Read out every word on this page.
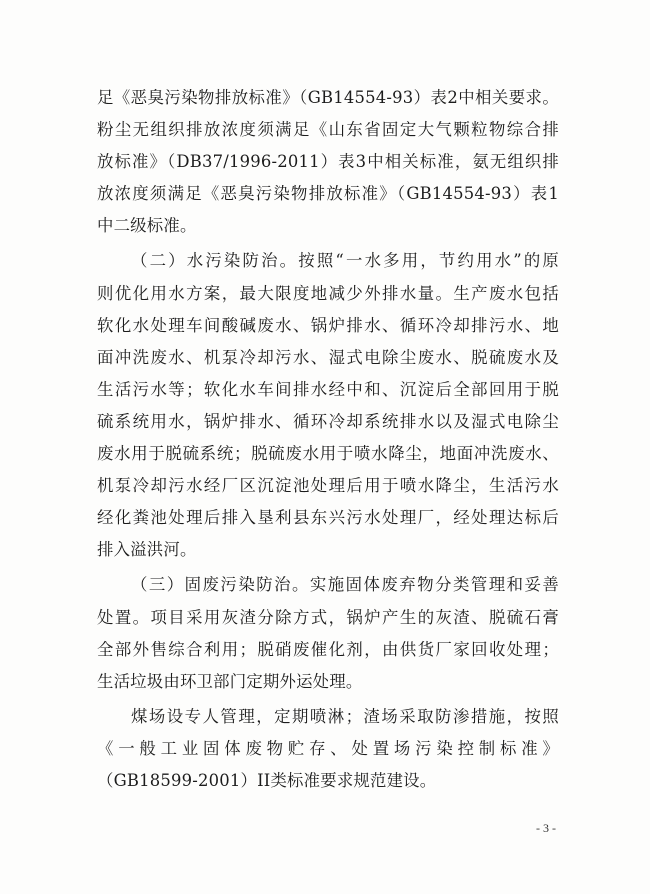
足《恶臭污染物排放标准》（GB14554-93）表2中相关要求。
粉尘无组织排放浓度须满足《山东省固定大气颗粒物综合排
放标准》（DB37/1996-2011）表3中相关标准，氨无组织排
放浓度须满足《恶臭污染物排放标准》（GB14554-93）表1
中二级标准。
（二）水污染防治。按照“一水多用，节约用水”的原
则优化用水方案，最大限度地减少外排水量。生产废水包括
软化水处理车间酸碱废水、锅炉排水、循环冷却排污水、地
面冲洗废水、机泵冷却污水、湿式电除尘废水、脱硫废水及
生活污水等；软化水车间排水经中和、沉淀后全部回用于脱
硫系统用水，锅炉排水、循环冷却系统排水以及湿式电除尘
废水用于脱硫系统；脱硫废水用于喷水降尘，地面冲洗废水、
机泵冷却污水经厂区沉淀池处理后用于喷水降尘，生活污水
经化粪池处理后排入垦利县东兴污水处理厂，经处理达标后
排入溢洪河。
（三）固废污染防治。实施固体废弃物分类管理和妥善
处置。项目采用灰渣分除方式，锅炉产生的灰渣、脱硫石膏
全部外售综合利用；脱硝废催化剂，由供货厂家回收处理；
生活垃圾由环卫部门定期外运处理。
煤场设专人管理，定期喷淋；渣场采取防渗措施，按照
《一般工业固体废物贮存、处置场污染控制标准》
（GB18599-2001）II类标准要求规范建设。
- 3 -
